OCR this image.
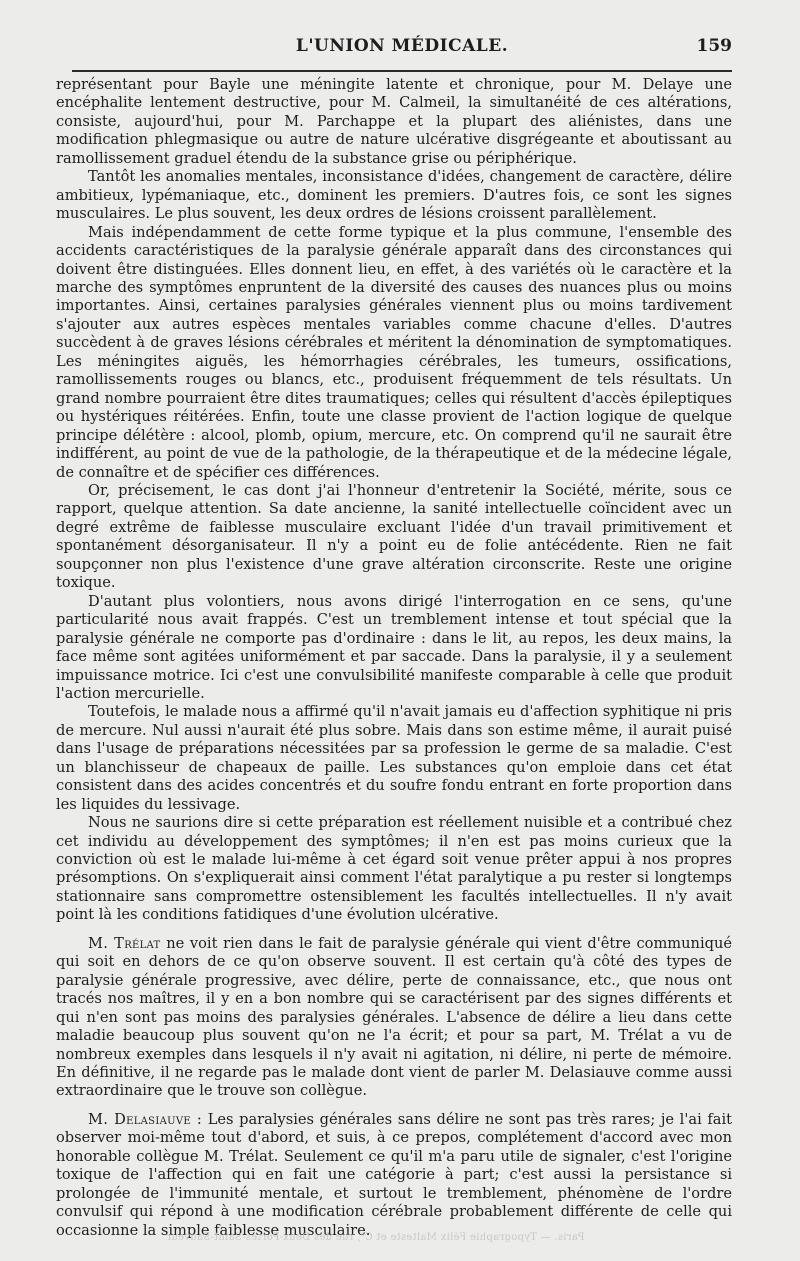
L'UNION MÉDICALE.	159

représentant pour Bayle une méningite latente et chronique, pour M. Delaye une encéphalite lentement destructive, pour M. Calmeil, la simultanéité de ces altérations, consiste, aujourd'hui, pour M. Parchappe et la plupart des aliénistes, dans une modification phlegmasique ou autre de nature ulcérative disgrégeante et aboutissant au ramollissement graduel étendu de la substance grise ou périphérique.

Tantôt les anomalies mentales, inconsistance d'idées, changement de caractère, délire ambitieux, lypémaniaque, etc., dominent les premiers. D'autres fois, ce sont les signes musculaires. Le plus souvent, les deux ordres de lésions croissent parallèlement.

Mais indépendamment de cette forme typique et la plus commune, l'ensemble des accidents caractéristiques de la paralysie générale apparaît dans des circonstances qui doivent être distinguées. Elles donnent lieu, en effet, à des variétés où le caractère et la marche des symptômes enpruntent de la diversité des causes des nuances plus ou moins importantes. Ainsi, certaines paralysies générales viennent plus ou moins tardivement s'ajouter aux autres espèces mentales variables comme chacune d'elles. D'autres succèdent à de graves lésions cérébrales et méritent la dénomination de symptomatiques. Les méningites aiguës, les hémorrhagies cérébrales, les tumeurs, ossifications, ramollissements rouges ou blancs, etc., produisent fréquemment de tels résultats. Un grand nombre pourraient être dites traumatiques; celles qui résultent d'accès épileptiques ou hystériques réitérées. Enfin, toute une classe provient de l'action logique de quelque principe délétère : alcool, plomb, opium, mercure, etc. On comprend qu'il ne saurait être indifférent, au point de vue de la pathologie, de la thérapeutique et de la médecine légale, de connaître et de spécifier ces différences.

Or, précisement, le cas dont j'ai l'honneur d'entretenir la Société, mérite, sous ce rapport, quelque attention. Sa date ancienne, la sanité intellectuelle coïncident avec un degré extrême de faiblesse musculaire excluant l'idée d'un travail primitivement et spontanément désorganisateur. Il n'y a point eu de folie antécédente. Rien ne fait soupçonner non plus l'existence d'une grave altération circonscrite. Reste une origine toxique.

D'autant plus volontiers, nous avons dirigé l'interrogation en ce sens, qu'une particularité nous avait frappés. C'est un tremblement intense et tout spécial que la paralysie générale ne comporte pas d'ordinaire : dans le lit, au repos, les deux mains, la face même sont agitées uniformément et par saccade. Dans la paralysie, il y a seulement impuissance motrice. Ici c'est une convulsibilité manifeste comparable à celle que produit l'action mercurielle.

Toutefois, le malade nous a affirmé qu'il n'avait jamais eu d'affection syphitique ni pris de mercure. Nul aussi n'aurait été plus sobre. Mais dans son estime même, il aurait puisé dans l'usage de préparations nécessitées par sa profession le germe de sa maladie. C'est un blanchisseur de chapeaux de paille. Les substances qu'on emploie dans cet état consistent dans des acides concentrés et du soufre fondu entrant en forte proportion dans les liquides du lessivage.

Nous ne saurions dire si cette préparation est réellement nuisible et a contribué chez cet individu au développement des symptômes; il n'en est pas moins curieux que la conviction où est le malade lui-même à cet égard soit venue prêter appui à nos propres présomptions. On s'expliquerait ainsi comment l'état paralytique a pu rester si longtemps stationnaire sans compromettre ostensiblement les facultés intellectuelles. Il n'y avait point là les conditions fatidiques d'une évolution ulcérative.

M. Trélat ne voit rien dans le fait de paralysie générale qui vient d'être communiqué qui soit en dehors de ce qu'on observe souvent. Il est certain qu'à côté des types de paralysie générale progressive, avec délire, perte de connaissance, etc., que nous ont tracés nos maîtres, il y en a bon nombre qui se caractérisent par des signes différents et qui n'en sont pas moins des paralysies générales. L'absence de délire a lieu dans cette maladie beaucoup plus souvent qu'on ne l'a écrit; et pour sa part, M. Trélat a vu de nombreux exemples dans lesquels il n'y avait ni agitation, ni délire, ni perte de mémoire. En définitive, il ne regarde pas le malade dont vient de parler M. Delasiauve comme aussi extraordinaire que le trouve son collègue.

M. Delasiauve : Les paralysies générales sans délire ne sont pas très rares; je l'ai fait observer moi-même tout d'abord, et suis, à ce prepos, complétement d'accord avec mon honorable collègue M. Trélat. Seulement ce qu'il m'a paru utile de signaler, c'est l'origine toxique de l'affection qui en fait une catégorie à part; c'est aussi la persistance si prolongée de l'immunité mentale, et surtout le tremblement, phénomène de l'ordre convulsif qui répond à une modification cérébrale probablement différente de celle qui occasionne la simple faiblesse musculaire.

Paris. — Typographie Félix Malteste et Cᵉ, rue des Deux-Portes-Saint-Sauveur
